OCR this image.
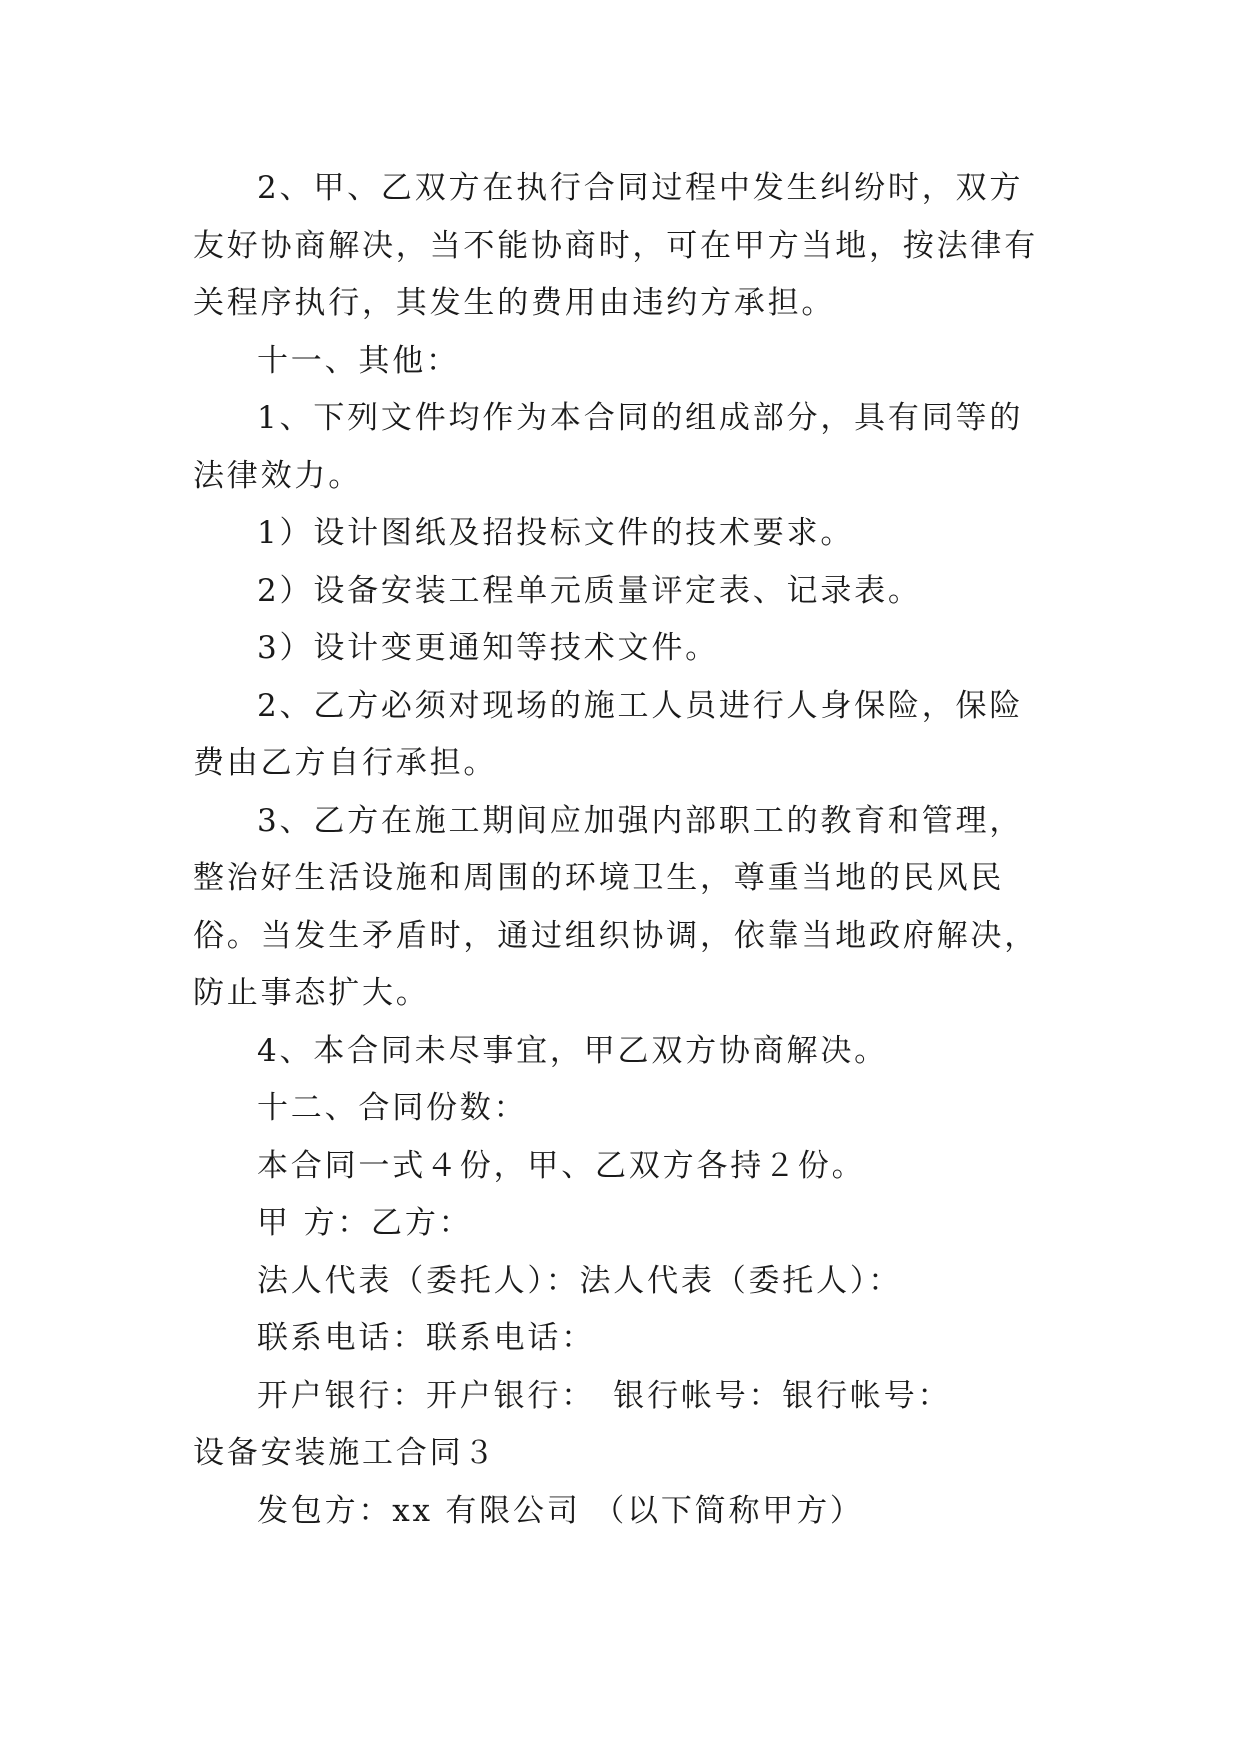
2、甲、乙双方在执行合同过程中发生纠纷时，双方友好协商解决，当不能协商时，可在甲方当地，按法律有关程序执行，其发生的费用由违约方承担。

十一、其他：

1、下列文件均作为本合同的组成部分，具有同等的法律效力。

1）设计图纸及招投标文件的技术要求。

2）设备安装工程单元质量评定表、记录表。

3）设计变更通知等技术文件。

2、乙方必须对现场的施工人员进行人身保险，保险费由乙方自行承担。

3、乙方在施工期间应加强内部职工的教育和管理，整治好生活设施和周围的环境卫生，尊重当地的民风民俗。当发生矛盾时，通过组织协调，依靠当地政府解决，防止事态扩大。

4、本合同未尽事宜，甲乙双方协商解决。

十二、合同份数：

本合同一式４份，甲、乙双方各持２份。

甲 方：乙方：

法人代表（委托人）：法人代表（委托人）：

联系电话：联系电话：

开户银行：开户银行：　银行帐号：银行帐号：

设备安装施工合同３

发包方：xx 有限公司 （以下简称甲方）
